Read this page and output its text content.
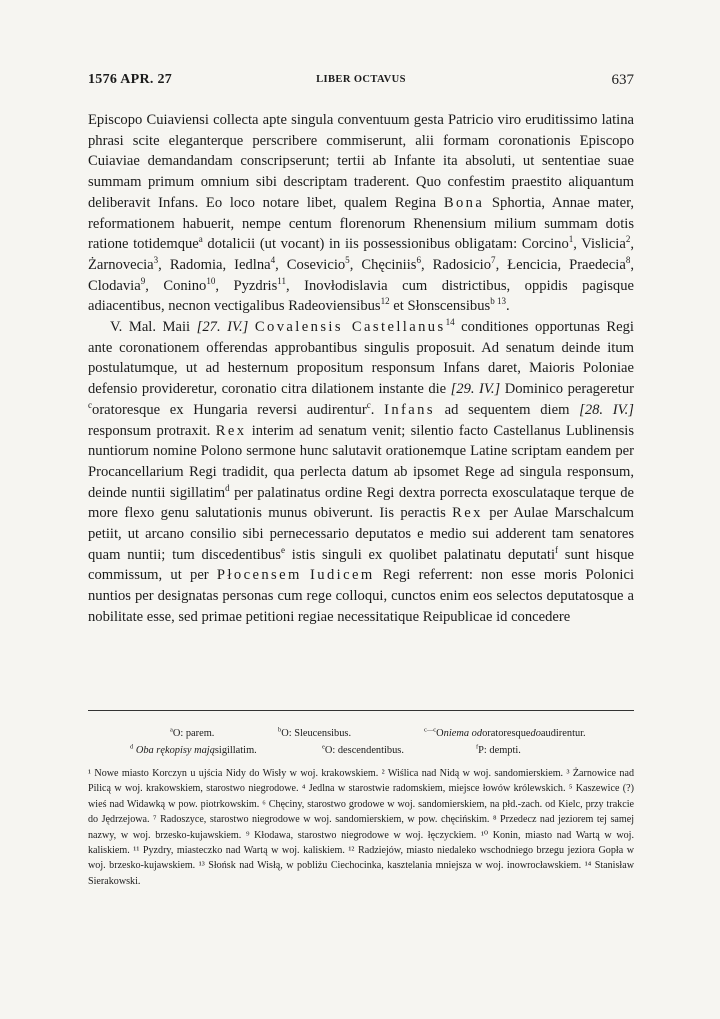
1576 APR. 27	LIBER OCTAVUS	637

Episcopo Cuiaviensi collecta apte singula conventuum gesta Patricio viro eruditissimo latina phrasi scite eleganterque perscribere commiserunt, alii formam coronationis Episcopo Cuiaviae demandandam conscripserunt; tertii ab Infante ita absoluti, ut sententiae suae summam primum omnium sibi descriptam traderent. Quo confestim praestito aliquantum deliberavit Infans. Eo loco notare libet, qualem Regina Bona Sphortia, Annae mater, reformationem habuerit, nempe centum florenorum Rhenensium milium summam dotis ratione totidemque$^a$ dotalicii (ut vocant) in iis possessionibus obligatam: Corcino$^1$, Vislicia$^2$, Żarnovecia$^3$, Radomia, Iedlna$^4$, Cosevicio$^5$, Chęciniis$^6$, Radosicio$^7$, Łencicia, Praedecia$^8$, Clodavia$^9$, Conino$^{10}$, Pyzdris$^{11}$, Inovłodislavia cum districtibus, oppidis pagisque adiacentibus, necnon vectigalibus Radeoviensibus$^{12}$ et Słonscensibus$^{b 13}$.

V. Mal. Maii [27. IV.] Covalensis Castellanus$^{14}$ conditiones opportunas Regi ante coronationem offerendas approbantibus singulis proposuit. Ad senatum deinde itum postulatumque, ut ad hesternum propositum responsum Infans daret, Maioris Poloniae defensio provideretur, coronatio citra dilationem instante die [29. IV.] Dominico perageretur $^c$oratoresque ex Hungaria reversi audirentur$^c$. Infans ad sequentem diem [28. IV.] responsum protraxit. Rex interim ad senatum venit; silentio facto Castellanus Lublinensis nuntiorum nomine Polono sermone hunc salutavit orationemque Latine scriptam eandem per Procancellarium Regi tradidit, qua perlecta datum ab ipsomet Rege ad singula responsum, deinde nuntii sigillatim$^d$ per palatinatus ordine Regi dextra porrecta exosculataque terque de more flexo genu salutationis munus obiverunt. Iis peractis Rex per Aulae Marschalcum petiit, ut arcano consilio sibi pernecessario deputatos e medio sui adderent tam senatores quam nuntii; tum discedentibus$^e$ istis singuli ex quolibet palatinatu deputati$^f$ sunt hisque commissum, ut per Płocensem Iudicem Regi referrent: non esse moris Polonici nuntios per designatas personas cum rege colloqui, cunctos enim eos selectos deputatosque a nobilitate esse, sed primae petitioni regiae necessitatique Reipublicae id concedere

$^a$O: parem.	$^b$O: Sleucensibus.	$^{c—c}$Oniema odoratoresquedoaudirentur.
$^d$ Oba rękopisy mająsigillatim.	$^e$O: descendentibus.	$^f$P: dempti.

¹ Nowe miasto Korczyn u ujścia Nidy do Wisły w woj. krakowskiem. ² Wiślica nad Nidą w woj. sandomierskiem. ³ Żarnowice nad Pilicą w woj. krakowskiem, starostwo niegrodowe. ⁴ Jedlna w starostwie radomskiem, miejsce łowów królewskich. ⁵ Kaszewice (?) wieś nad Widawką w pow. piotrkowskim. ⁶ Chęciny, starostwo grodowe w woj. sandomierskiem, na płd.-zach. od Kielc, przy trakcie do Jędrzejowa. ⁷ Radoszyce, starostwo niegrodowe w woj. sandomierskiem, w pow. chęcińskim. ⁸ Przedecz nad jeziorem tej samej nazwy, w woj. brzesko-kujawskiem. ⁹ Kłodawa, starostwo niegrodowe w woj. łęczyckiem. ¹⁰ Konin, miasto nad Wartą w woj. kaliskiem. ¹¹ Pyzdry, miasteczko nad Wartą w woj. kaliskiem. ¹² Radziejów, miasto niedaleko wschodniego brzegu jeziora Gopła w woj. brzesko-kujawskiem. ¹³ Słońsk nad Wisłą, w pobliżu Ciechocinka, kasztelania mniejsza w woj. inowrocławskiem. ¹⁴ Stanisław Sierakowski.
